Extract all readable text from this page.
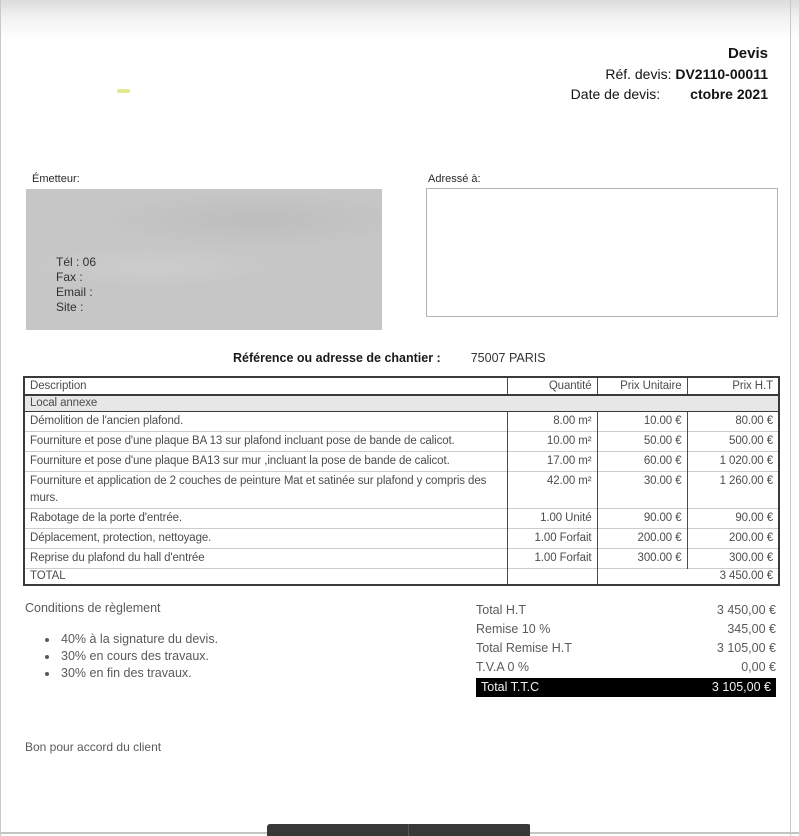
Devis
Réf. devis: DV2110-00011
Date de devis: ctobre 2021
Émetteur:
Tél : 06
Fax :
Email :
Site :
Adressé à:
Référence ou adresse de chantier : 75007 PARIS
Description	Quantité	Prix Unitaire	Prix H.T
Local annexe			
Démolition de l'ancien plafond.	8.00 m²	10.00 €	80.00 €
Fourniture et pose d'une plaque BA 13 sur plafond incluant pose de bande de calicot.	10.00 m²	50.00 €	500.00 €
Fourniture et pose d'une plaque BA13 sur mur ,incluant la pose de bande de calicot.	17.00 m²	60.00 €	1 020.00 €
Fourniture et application de 2 couches de peinture Mat et satinée sur plafond y compris des murs.	42.00 m²	30.00 €	1 260.00 €
Rabotage de la porte d'entrée.	1.00 Unité	90.00 €	90.00 €
Déplacement, protection, nettoyage.	1.00 Forfait	200.00 €	200.00 €
Reprise du plafond du hall d'entrée	1.00 Forfait	300.00 €	300.00 €
TOTAL		3 450.00 €	
Conditions de règlement
• 40% à la signature du devis.
• 30% en cours des travaux.
• 30% en fin des travaux.
Total H.T	3 450,00 €
Remise 10 %	345,00 €
Total Remise H.T	3 105,00 €
T.V.A 0 %	0,00 €
Total T.T.C	3 105,00 €
Bon pour accord du client
